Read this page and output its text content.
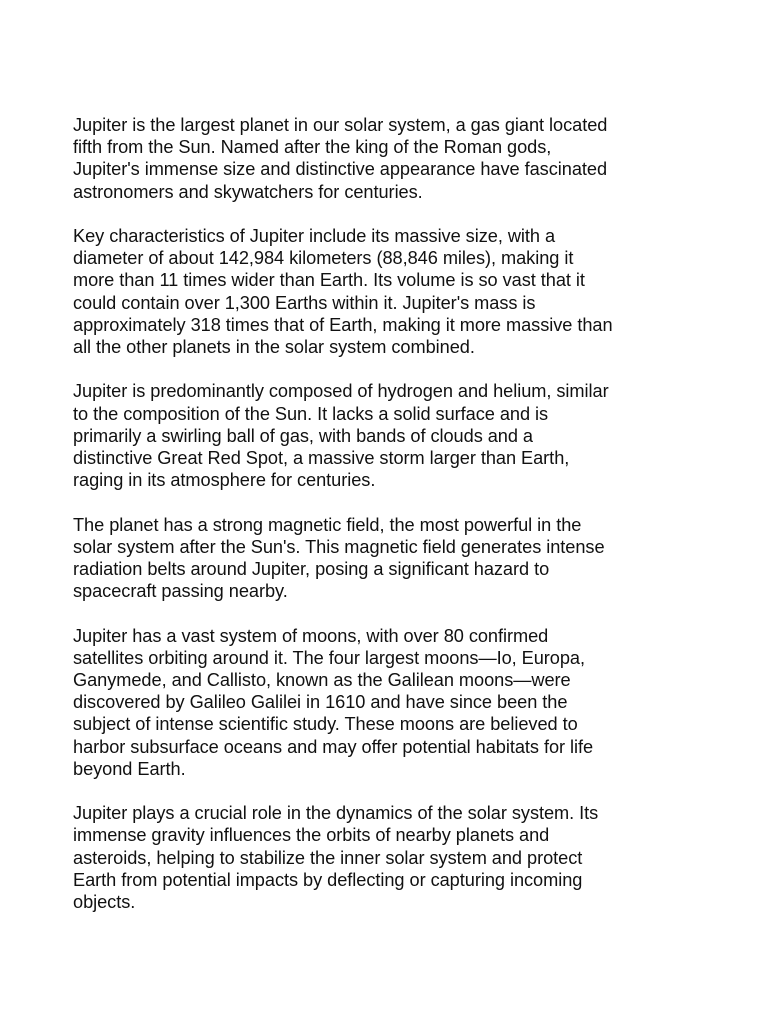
Jupiter is the largest planet in our solar system, a gas giant located
fifth from the Sun. Named after the king of the Roman gods,
Jupiter's immense size and distinctive appearance have fascinated
astronomers and skywatchers for centuries.

Key characteristics of Jupiter include its massive size, with a
diameter of about 142,984 kilometers (88,846 miles), making it
more than 11 times wider than Earth. Its volume is so vast that it
could contain over 1,300 Earths within it. Jupiter's mass is
approximately 318 times that of Earth, making it more massive than
all the other planets in the solar system combined.

Jupiter is predominantly composed of hydrogen and helium, similar
to the composition of the Sun. It lacks a solid surface and is
primarily a swirling ball of gas, with bands of clouds and a
distinctive Great Red Spot, a massive storm larger than Earth,
raging in its atmosphere for centuries.

The planet has a strong magnetic field, the most powerful in the
solar system after the Sun's. This magnetic field generates intense
radiation belts around Jupiter, posing a significant hazard to
spacecraft passing nearby.

Jupiter has a vast system of moons, with over 80 confirmed
satellites orbiting around it. The four largest moons—Io, Europa,
Ganymede, and Callisto, known as the Galilean moons—were
discovered by Galileo Galilei in 1610 and have since been the
subject of intense scientific study. These moons are believed to
harbor subsurface oceans and may offer potential habitats for life
beyond Earth.

Jupiter plays a crucial role in the dynamics of the solar system. Its
immense gravity influences the orbits of nearby planets and
asteroids, helping to stabilize the inner solar system and protect
Earth from potential impacts by deflecting or capturing incoming
objects.
